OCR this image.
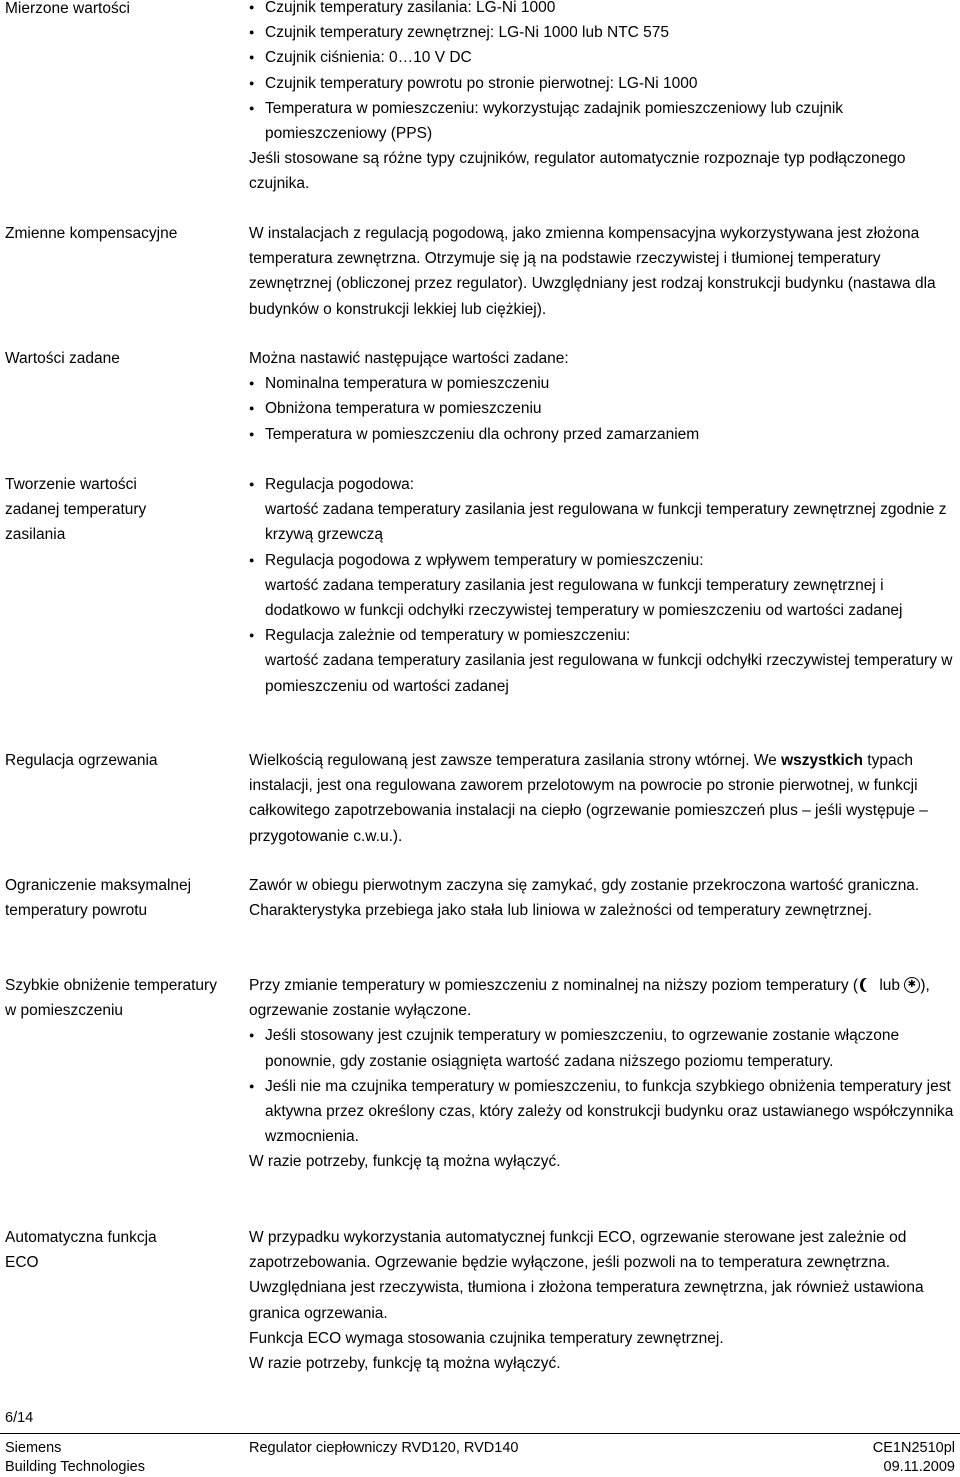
Mierzone wartości
●	Czujnik temperatury zasilania: LG-Ni 1000
● Czujnik temperatury zewnętrznej: LG-Ni 1000 lub NTC 575
● Czujnik ciśnienia: 0…10 V DC
● Czujnik temperatury powrotu po stronie pierwotnej: LG-Ni 1000
● Temperatura w pomieszczeniu: wykorzystując zadajnik pomieszczeniowy lub czujnik pomieszczeniowy (PPS)

Jeśli stosowane są różne typy czujników, regulator automatycznie rozpoznaje typ podłączonego czujnika.

Zmienne kompensacyjne	W instalacjach z regulacją pogodową, jako zmienna kompensacyjna wykorzystywana jest złożona temperatura zewnętrzna. Otrzymuje się ją na podstawie rzeczywistej i tłumionej temperatury zewnętrznej (obliczonej przez regulator). Uwzględniany jest rodzaj konstrukcji budynku (nastawa dla budynków o konstrukcji lekkiej lub ciężkiej).

Wartości zadane	Można nastawić następujące wartości zadane:

● Nominalna temperatura w pomieszczeniu
● Obniżona temperatura w pomieszczeniu
● Temperatura w pomieszczeniu dla ochrony przed zamarzaniem
Tworzenie wartości zadanej temperatury zasilania
● Regulacja pogodowa:
wartość zadana temperatury zasilania jest regulowana w funkcji temperatury zewnętrznej zgodnie z krzywą grzewczą
● Regulacja pogodowa z wpływem temperatury w pomieszczeniu:
wartość zadana temperatury zasilania jest regulowana w funkcji temperatury zewnętrznej i dodatkowo w funkcji odchyłki rzeczywistej temperatury w pomieszczeniu od wartości zadanej
● Regulacja zależnie od temperatury w pomieszczeniu:
wartość zadana temperatury zasilania jest regulowana w funkcji odchyłki rzeczywistej temperatury w pomieszczeniu od wartości zadanej
Regulacja ogrzewania	Wielkością regulowaną jest zawsze temperatura zasilania strony wtórnej. We wszystkich typach instalacji, jest ona regulowana zaworem przelotowym na powrocie po stronie pierwotnej, w funkcji całkowitego zapotrzebowania instalacji na ciepło (ogrzewanie pomieszczeń plus – jeśli występuje – przygotowanie c.w.u.).

Ograniczenie maksymalnej temperatury powrotu

Zawór w obiegu pierwotnym zaczyna się zamykać, gdy zostanie przekroczona wartość graniczna. Charakterystyka przebiega jako stała lub liniowa w zależności od temperatury zewnętrznej.

Szybkie obniżenie temperatury w pomieszczeniu

Przy zmianie temperatury w pomieszczeniu z nominalnej na niższy poziom temperatury ( lub ✱), ogrzewanie zostanie wyłączone.

● Jeśli stosowany jest czujnik temperatury w pomieszczeniu, to ogrzewanie zostanie włączone ponownie, gdy zostanie osiągnięta wartość zadana niższego poziomu temperatury.
● Jeśli nie ma czujnika temperatury w pomieszczeniu, to funkcja szybkiego obniżenia temperatury jest aktywna przez określony czas, który zależy od konstrukcji budynku oraz ustawianego współczynnika wzmocnienia.

W razie potrzeby, funkcję tą można wyłączyć.

Automatyczna funkcja ECO

W przypadku wykorzystania automatycznej funkcji ECO, ogrzewanie sterowane jest zależnie od zapotrzebowania. Ogrzewanie będzie wyłączone, jeśli pozwoli na to temperatura zewnętrzna. Uwzględniana jest rzeczywista, tłumiona i złożona temperatura zewnętrzna, jak również ustawiona granica ogrzewania.

Funkcja ECO wymaga stosowania czujnika temperatury zewnętrznej.

W razie potrzeby, funkcję tą można wyłączyć.

6/14
Siemens
Building Technologies
Regulator ciepłowniczy RVD120, RVD140	CE1N2510pl
09.11.2009
